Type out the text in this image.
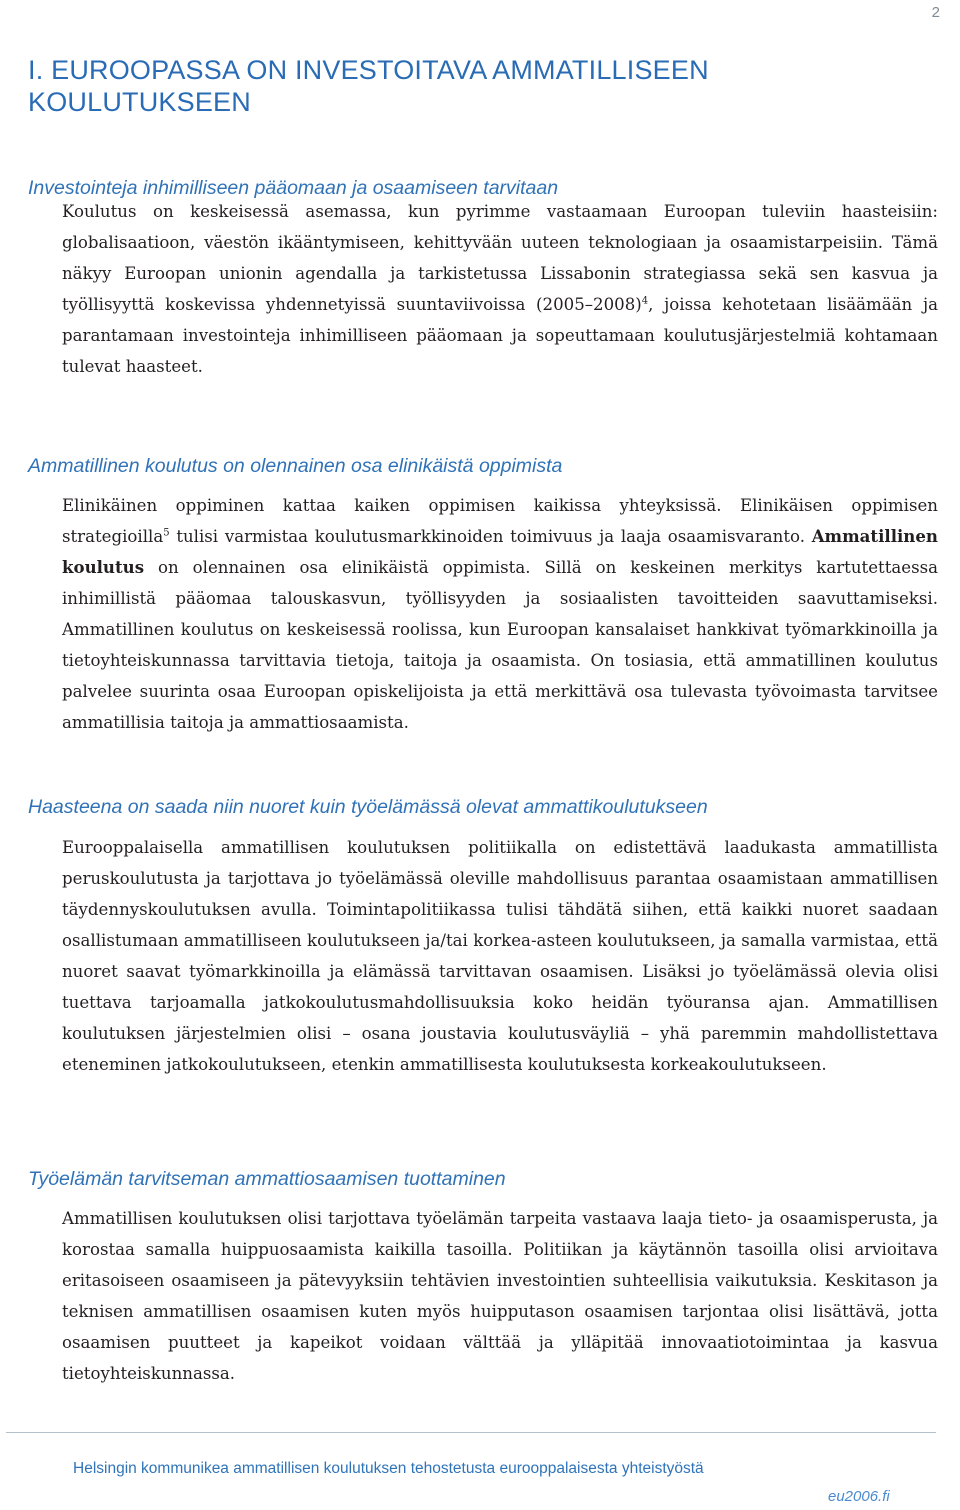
2
I. EUROOPASSA ON INVESTOITAVA AMMATILLISEEN
KOULUTUKSEEN
Investointeja inhimilliseen pääomaan ja osaamiseen tarvitaan

Koulutus on keskeisessä asemassa, kun pyrimme vastaamaan Euroopan tuleviin haasteisiin: globalisaatioon, väestön ikääntymiseen, kehittyvään uuteen teknologiaan ja osaamistarpeisiin. Tämä näkyy Euroopan unionin agendalla ja tarkistetussa Lissabonin strategiassa sekä sen kasvua ja työllisyyttä koskevissa yhdennetyissä suuntaviivoissa (2005–2008)$^4$, joissa kehotetaan lisäämään ja parantamaan investointeja inhimilliseen pääomaan ja sopeuttamaan koulutusjärjestelmiä kohtamaan tulevat haasteet.

Ammatillinen koulutus on olennainen osa elinikäistä oppimista

Elinikäinen oppiminen kattaa kaiken oppimisen kaikissa yhteyksissä. Elinikäisen oppimisen strategioilla$^5$ tulisi varmistaa koulutusmarkkinoiden toimivuus ja laaja osaamisvaranto. Ammatillinen koulutus on olennainen osa elinikäistä oppimista. Sillä on keskeinen merkitys kartutettaessa inhimillistä pääomaa talouskasvun, työllisyyden ja sosiaalisten tavoitteiden saavuttamiseksi. Ammatillinen koulutus on keskeisessä roolissa, kun Euroopan kansalaiset hankkivat työmarkkinoilla ja tietoyhteiskunnassa tarvittavia tietoja, taitoja ja osaamista. On tosiasia, että ammatillinen koulutus palvelee suurinta osaa Euroopan opiskelijoista ja että merkittävä osa tulevasta työvoimasta tarvitsee ammatillisia taitoja ja ammattiosaamista.

Haasteena on saada niin nuoret kuin työelämässä olevat ammattikoulutukseen

Eurooppalaisella ammatillisen koulutuksen politiikalla on edistettävä laadukasta ammatillista peruskoulutusta ja tarjottava jo työelämässä oleville mahdollisuus parantaa osaamistaan ammatillisen täydennyskoulutuksen avulla. Toimintapolitiikassa tulisi tähdätä siihen, että kaikki nuoret saadaan osallistumaan ammatilliseen koulutukseen ja/tai korkea-asteen koulutukseen, ja samalla varmistaa, että nuoret saavat työmarkkinoilla ja elämässä tarvittavan osaamisen. Lisäksi jo työelämässä olevia olisi tuettava tarjoamalla jatkokoulutusmahdollisuuksia koko heidän työuransa ajan. Ammatillisen koulutuksen järjestelmien olisi – osana joustavia koulutusväyliä – yhä paremmin mahdollistettava eteneminen jatkokoulutukseen, etenkin ammatillisesta koulutuksesta korkeakoulutukseen.

Työelämän tarvitseman ammattiosaamisen tuottaminen

Ammatillisen koulutuksen olisi tarjottava työelämän tarpeita vastaava laaja tieto- ja osaamisperusta, ja korostaa samalla huippuosaamista kaikilla tasoilla. Politiikan ja käytännön tasoilla olisi arvioitava eritasoiseen osaamiseen ja pätevyyksiin tehtävien investointien suhteellisia vaikutuksia. Keskitason ja teknisen ammatillisen osaamisen kuten myös huipputason osaamisen tarjontaa olisi lisättävä, jotta osaamisen puutteet ja kapeikot voidaan välttää ja ylläpitää innovaatiotoimintaa ja kasvua tietoyhteiskunnassa.

Helsingin kommunikea ammatillisen koulutuksen tehostetusta eurooppalaisesta yhteistyöstä
eu2006.fi
